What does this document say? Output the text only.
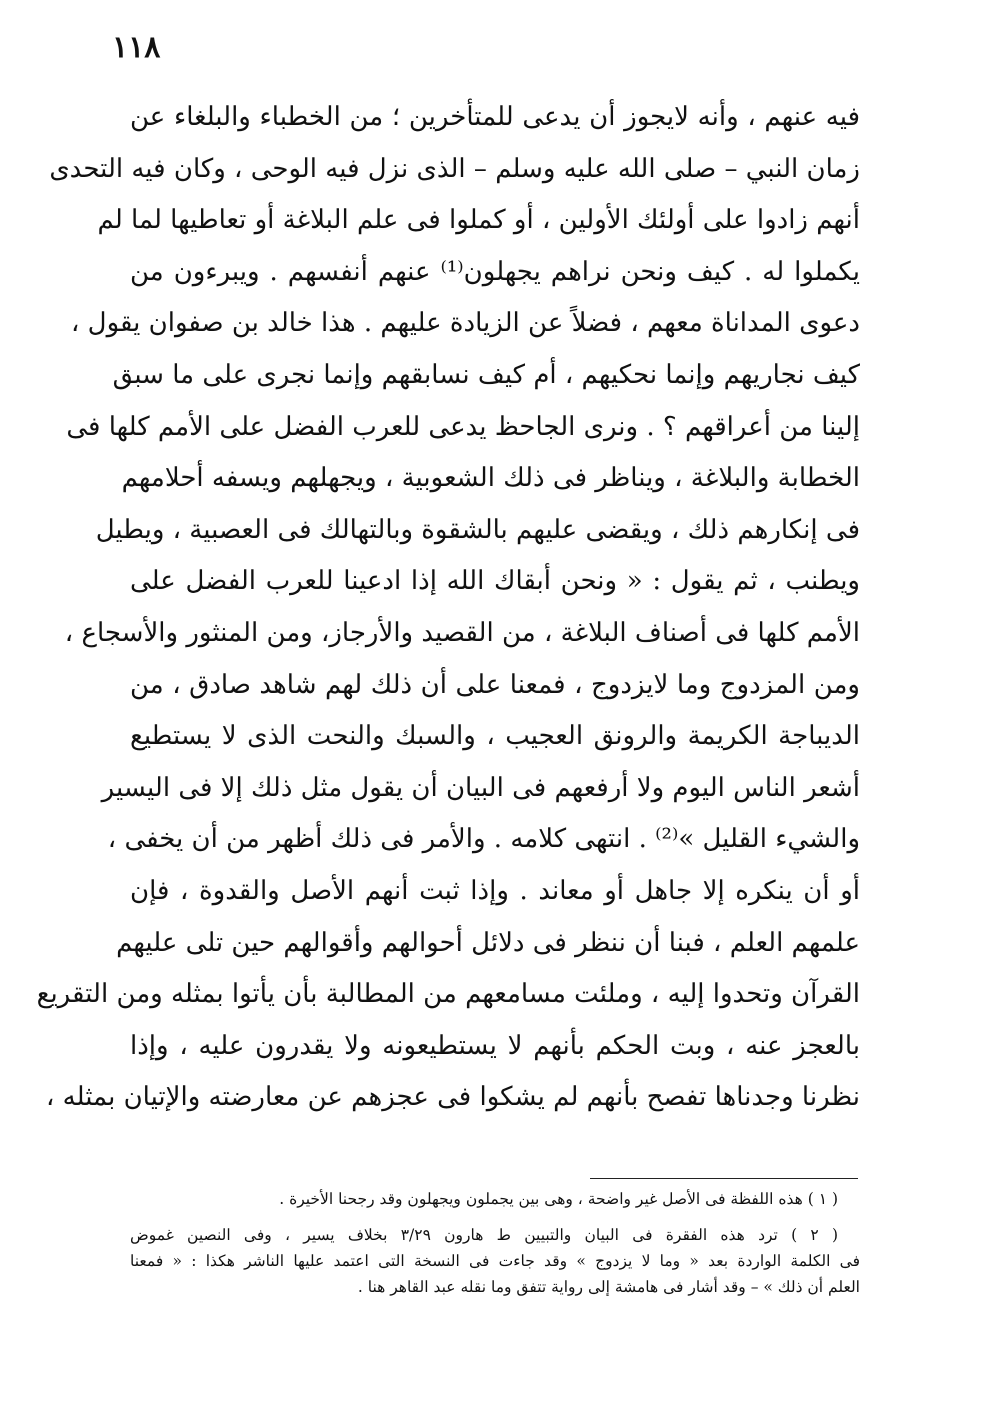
١١٨
فيه عنهم ، وأنه لايجوز أن يدعى للمتأخرين ؛ من الخطباء والبلغاء عن
زمان النبي – صلى الله عليه وسلم – الذى نزل فيه الوحى ، وكان فيه التحدى
أنهم زادوا على أولئك الأولين ، أو كملوا فى علم البلاغة أو تعاطيها لما لم
يكملوا له . كيف ونحن نراهم يجهلون⁽¹⁾ عنهم أنفسهم . ويبرءون من
دعوى المداناة معهم ، فضلاً عن الزيادة عليهم . هذا خالد بن صفوان يقول ،
كيف نجاريهم وإنما نحكيهم ، أم كيف نسابقهم وإنما نجرى على ما سبق
إلينا من أعراقهم ؟ . ونرى الجاحظ يدعى للعرب الفضل على الأمم كلها فى
الخطابة والبلاغة ، ويناظر فى ذلك الشعوبية ، ويجهلهم ويسفه أحلامهم
فى إنكارهم ذلك ، ويقضى عليهم بالشقوة وبالتهالك فى العصبية ، ويطيل
ويطنب ، ثم يقول : « ونحن أبقاك الله إذا ادعينا للعرب الفضل على
الأمم كلها فى أصناف البلاغة ، من القصيد والأرجاز، ومن المنثور والأسجاع ،
ومن المزدوج وما لايزدوج ، فمعنا على أن ذلك لهم شاهد صادق ، من
الديباجة الكريمة والرونق العجيب ، والسبك والنحت الذى لا يستطيع
أشعر الناس اليوم ولا أرفعهم فى البيان أن يقول مثل ذلك إلا فى اليسير
والشيء القليل »⁽²⁾ . انتهى كلامه . والأمر فى ذلك أظهر من أن يخفى ،
أو أن ينكره إلا جاهل أو معاند . وإذا ثبت أنهم الأصل والقدوة ، فإن
علمهم العلم ، فبنا أن ننظر فى دلائل أحوالهم وأقوالهم حين تلى عليهم
القرآن وتحدوا إليه ، وملئت مسامعهم من المطالبة بأن يأتوا بمثله ومن التقريع
بالعجز عنه ، وبت الحكم بأنهم لا يستطيعونه ولا يقدرون عليه ، وإذا
نظرنا وجدناها تفصح بأنهم لم يشكوا فى عجزهم عن معارضته والإتيان بمثله ،
( ١ ) هذه اللفظة فى الأصل غير واضحة ، وهى بين يجملون ويجهلون وقد رجحنا الأخيرة .
( ٢ ) ترد هذه الفقرة فى البيان والتبيين ط هارون ٣/٢٩ بخلاف يسير ، وفى النصين غموض
فى الكلمة الواردة بعد « وما لا يزدوج » وقد جاءت فى النسخة التى اعتمد عليها الناشر هكذا : « فمعنا
العلم أن ذلك » – وقد أشار فى هامشة إلى رواية تتفق وما نقله عبد القاهر هنا .
